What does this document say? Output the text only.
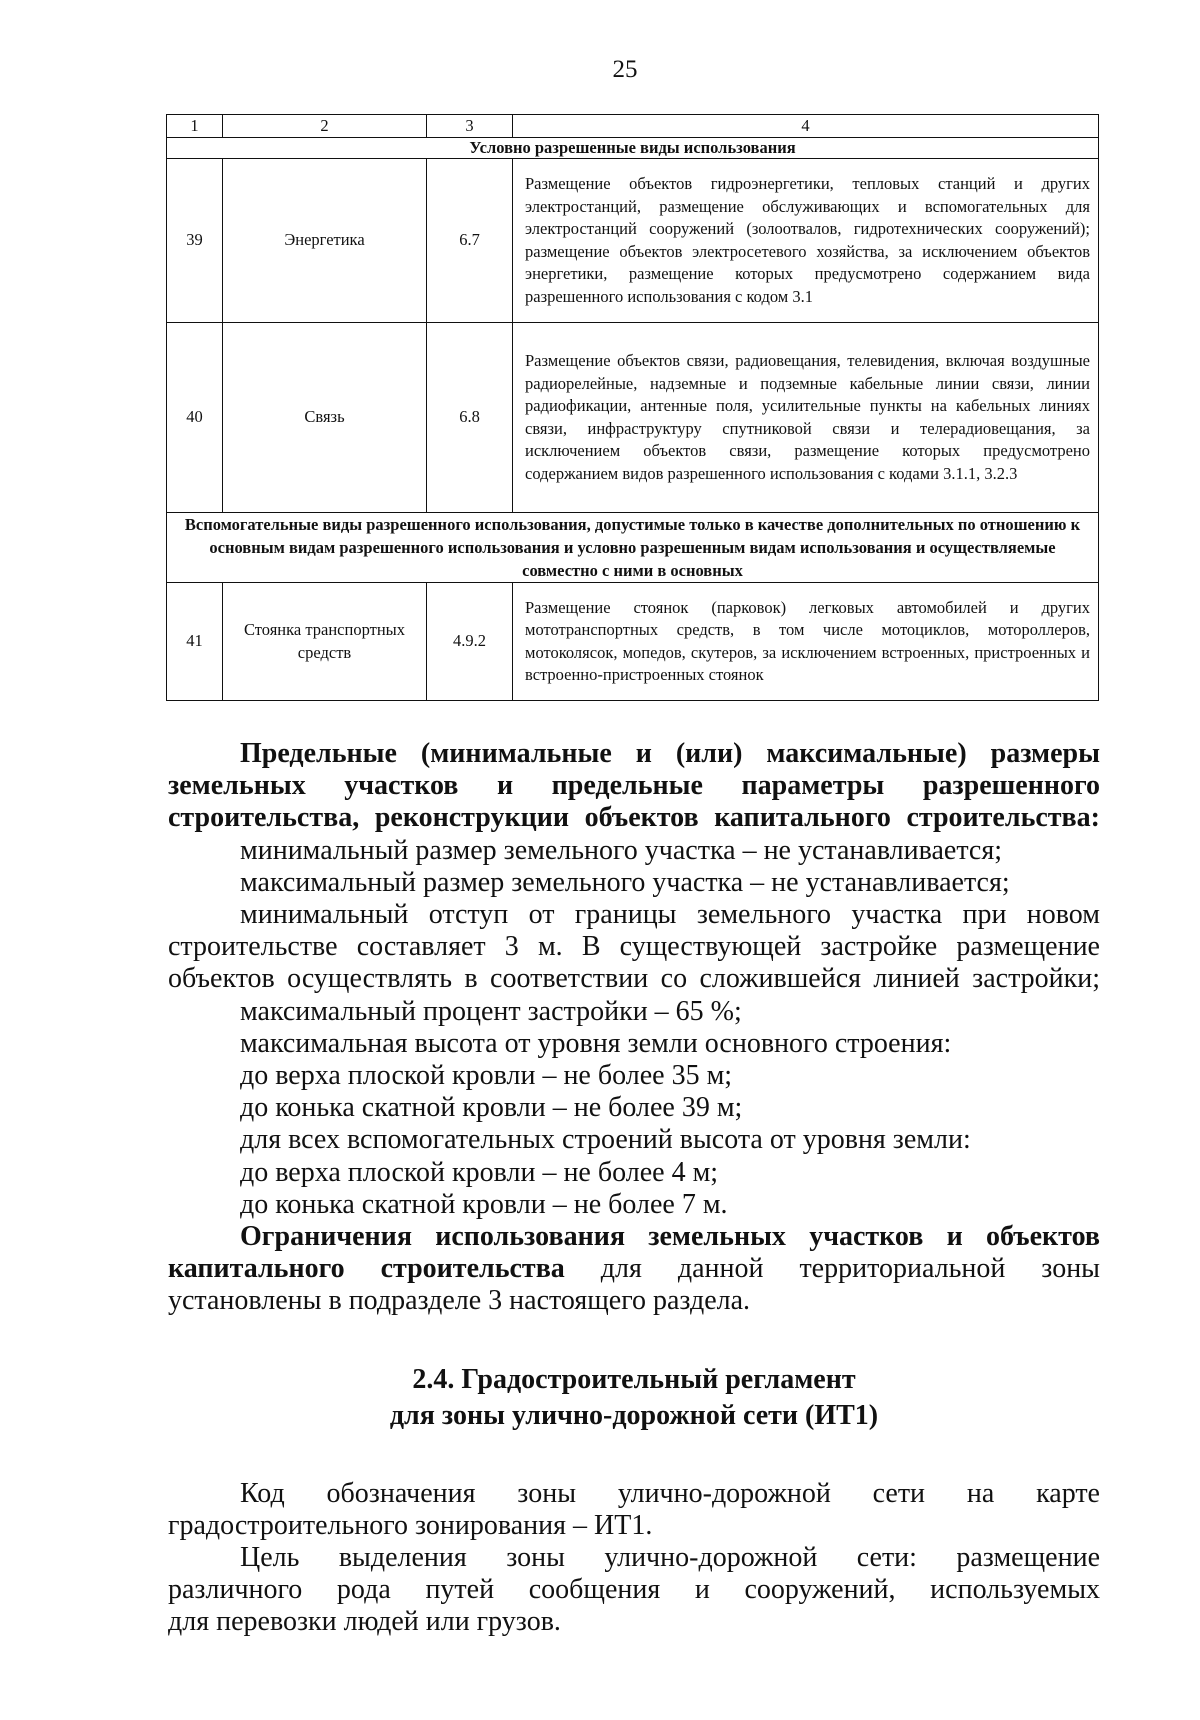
25
1	2	3	4
Условно разрешенные виды использования			
39	Энергетика	6.7	Размещение объектов гидроэнергетики, тепловых станций и других электростанций, размещение обслуживающих и вспомогательных для электростанций сооружений (золоотвалов, гидротехнических сооружений); размещение объектов электросетевого хозяйства, за исключением объектов энергетики, размещение которых предусмотрено содержанием вида разрешенного использования с кодом 3.1
40	Связь	6.8	Размещение объектов связи, радиовещания, телевидения, включая воздушные радиорелейные, надземные и подземные кабельные линии связи, линии радиофикации, антенные поля, усилительные пункты на кабельных линиях связи, инфраструктуру спутниковой связи и телерадиовещания, за исключением объектов связи, размещение которых предусмотрено содержанием видов разрешенного использования с кодами 3.1.1, 3.2.3
Вспомогательные виды разрешенного использования, допустимые только в качестве дополнительных по отношению к основным видам разрешенного использования и условно разрешенным видам использования и осуществляемые совместно с ними в основных			
41	Стоянка транспортных средств	4.9.2	Размещение стоянок (парковок) легковых автомобилей и других мототранспортных средств, в том числе мотоциклов, мотороллеров, мотоколясок, мопедов, скутеров, за исключением встроенных, пристроенных и встроенно-пристроенных стоянок

Предельные (минимальные и (или) максимальные) размеры

земельных участков и предельные параметры разрешенного

строительства, реконструкции объектов капитального строительства:

минимальный размер земельного участка – не устанавливается;

максимальный размер земельного участка – не устанавливается;

минимальный отступ от границы земельного участка при новом

строительстве составляет 3 м. В существующей застройке размещение

объектов осуществлять в соответствии со сложившейся линией застройки;

максимальный процент застройки – 65 %;

максимальная высота от уровня земли основного строения:

до верха плоской кровли – не более 35 м;

до конька скатной кровли – не более 39 м;

для всех вспомогательных строений высота от уровня земли:

до верха плоской кровли – не более 4 м;

до конька скатной кровли – не более 7 м.

Ограничения использования земельных участков и объектов

капитального строительства для данной территориальной зоны

установлены в подразделе 3 настоящего раздела.

2.4. Градостроительный регламент
для зоны улично-дорожной сети (ИТ1)

Код обозначения зоны улично-дорожной сети на карте

градостроительного зонирования – ИТ1.

Цель выделения зоны улично-дорожной сети: размещение

различного рода путей сообщения и сооружений, используемых

для перевозки людей или грузов.
